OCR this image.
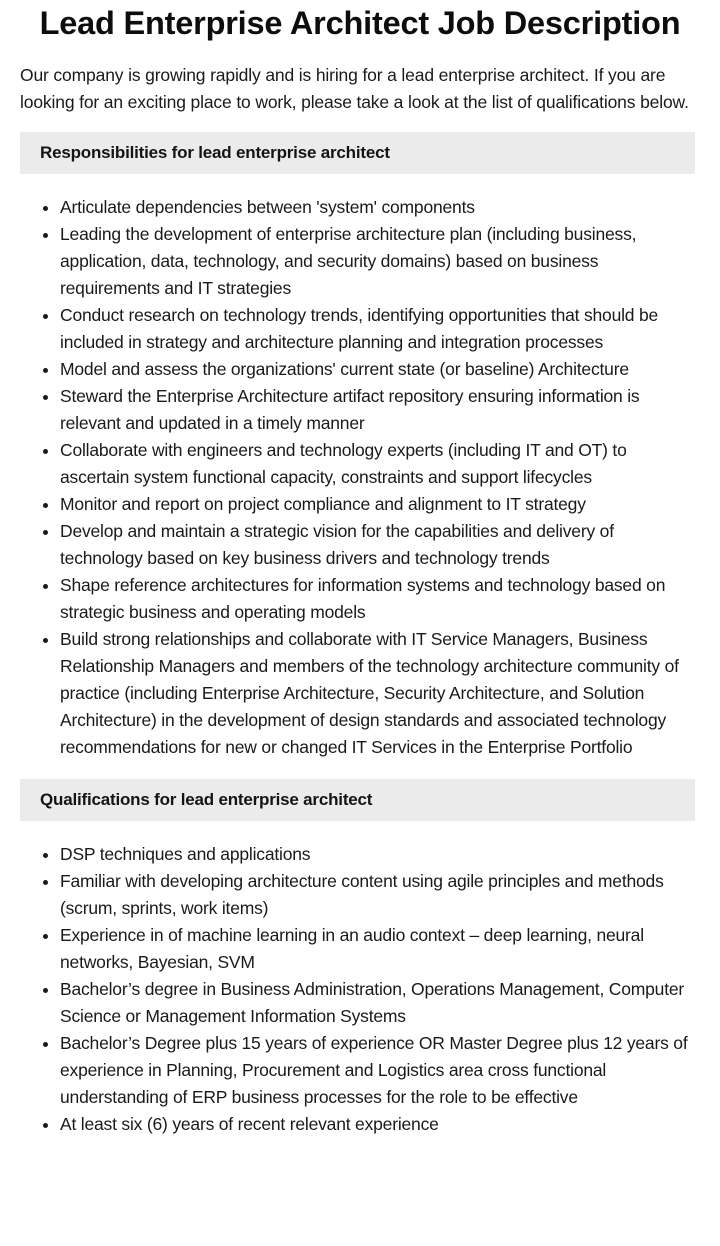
Lead Enterprise Architect Job Description

Our company is growing rapidly and is hiring for a lead enterprise architect. If you are looking for an exciting place to work, please take a look at the list of qualifications below.

Responsibilities for lead enterprise architect
Articulate dependencies between 'system' components
Leading the development of enterprise architecture plan (including business, application, data, technology, and security domains) based on business requirements and IT strategies
Conduct research on technology trends, identifying opportunities that should be included in strategy and architecture planning and integration processes
Model and assess the organizations' current state (or baseline) Architecture
Steward the Enterprise Architecture artifact repository ensuring information is relevant and updated in a timely manner
Collaborate with engineers and technology experts (including IT and OT) to ascertain system functional capacity, constraints and support lifecycles
Monitor and report on project compliance and alignment to IT strategy
Develop and maintain a strategic vision for the capabilities and delivery of technology based on key business drivers and technology trends
Shape reference architectures for information systems and technology based on strategic business and operating models
Build strong relationships and collaborate with IT Service Managers, Business Relationship Managers and members of the technology architecture community of practice (including Enterprise Architecture, Security Architecture, and Solution Architecture) in the development of design standards and associated technology recommendations for new or changed IT Services in the Enterprise Portfolio
Qualifications for lead enterprise architect
DSP techniques and applications
Familiar with developing architecture content using agile principles and methods (scrum, sprints, work items)
Experience in of machine learning in an audio context – deep learning, neural networks, Bayesian, SVM
Bachelor’s degree in Business Administration, Operations Management, Computer Science or Management Information Systems
Bachelor’s Degree plus 15 years of experience OR Master Degree plus 12 years of experience in Planning, Procurement and Logistics area cross functional understanding of ERP business processes for the role to be effective
At least six (6) years of recent relevant experience
